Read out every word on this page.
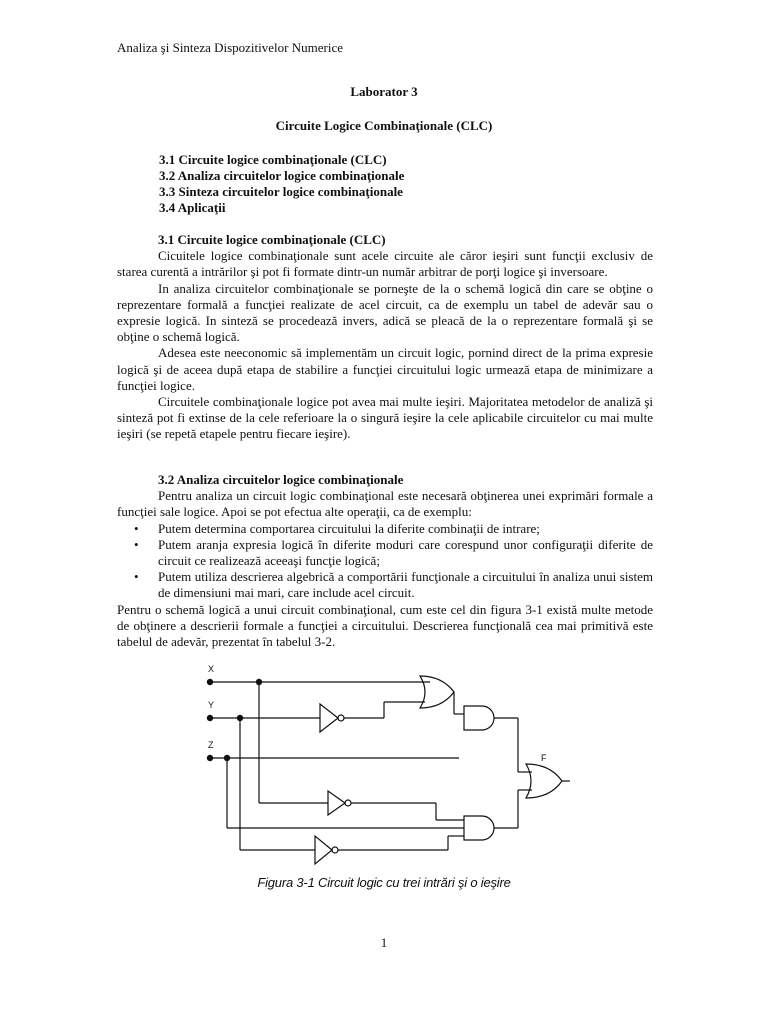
Analiza şi Sinteza Dispozitivelor Numerice
Laborator 3
Circuite Logice Combinaţionale (CLC)
3.1 Circuite logice combinaţionale (CLC)
3.2 Analiza circuitelor logice combinaţionale
3.3 Sinteza circuitelor logice combinaţionale
3.4 Aplicaţii
3.1 Circuite logice combinaţionale (CLC)

Cicuitele logice combinaţionale sunt acele circuite ale căror ieşiri sunt funcţii exclusiv de starea curentă a intrărilor şi pot fi formate dintr-un număr arbitrar de porţi logice şi inversoare.

In analiza circuitelor combinaţionale se porneşte de la o schemă logică din care se obţine o reprezentare formală a funcţiei realizate de acel circuit, ca de exemplu un tabel de adevăr sau o expresie logică. In sinteză se procedează invers, adică se pleacă de la o reprezentare formală şi se obţine o schemă logică.

Adesea este neeconomic să implementăm un circuit logic, pornind direct de la prima expresie logică şi de aceea după etapa de stabilire a funcţiei circuitului logic urmează etapa de minimizare a funcţiei logice.

Circuitele combinaţionale logice pot avea mai multe ieşiri. Majoritatea metodelor de analiză şi sinteză pot fi extinse de la cele referioare la o singură ieşire la cele aplicabile circuitelor cu mai multe ieşiri (se repetă etapele pentru fiecare ieşire).

3.2 Analiza circuitelor logice combinaţionale

Pentru analiza un circuit logic combinaţional este necesară obţinerea unei exprimări formale a funcţiei sale logice. Apoi se pot efectua alte operaţii, ca de exemplu:

• Putem determina comportarea circuitului la diferite combinaţii de intrare;
• Putem aranja expresia logică în diferite moduri care corespund unor configuraţii diferite de circuit ce realizează aceeaşi funcţie logică;
• Putem utiliza descrierea algebrică a comportării funcţionale a circuitului în analiza unui sistem de dimensiuni mai mari, care include acel circuit.

Pentru o schemă logică a unui circuit combinaţional, cum este cel din figura 3-1 există multe metode de obţinere a descrierii formale a funcţiei a circuitului. Descrierea funcţională cea mai primitivă este tabelul de adevăr, prezentat în tabelul 3-2.

X
Y
Z
F
Figura 3-1 Circuit logic cu trei intrări şi o ieşire
1
